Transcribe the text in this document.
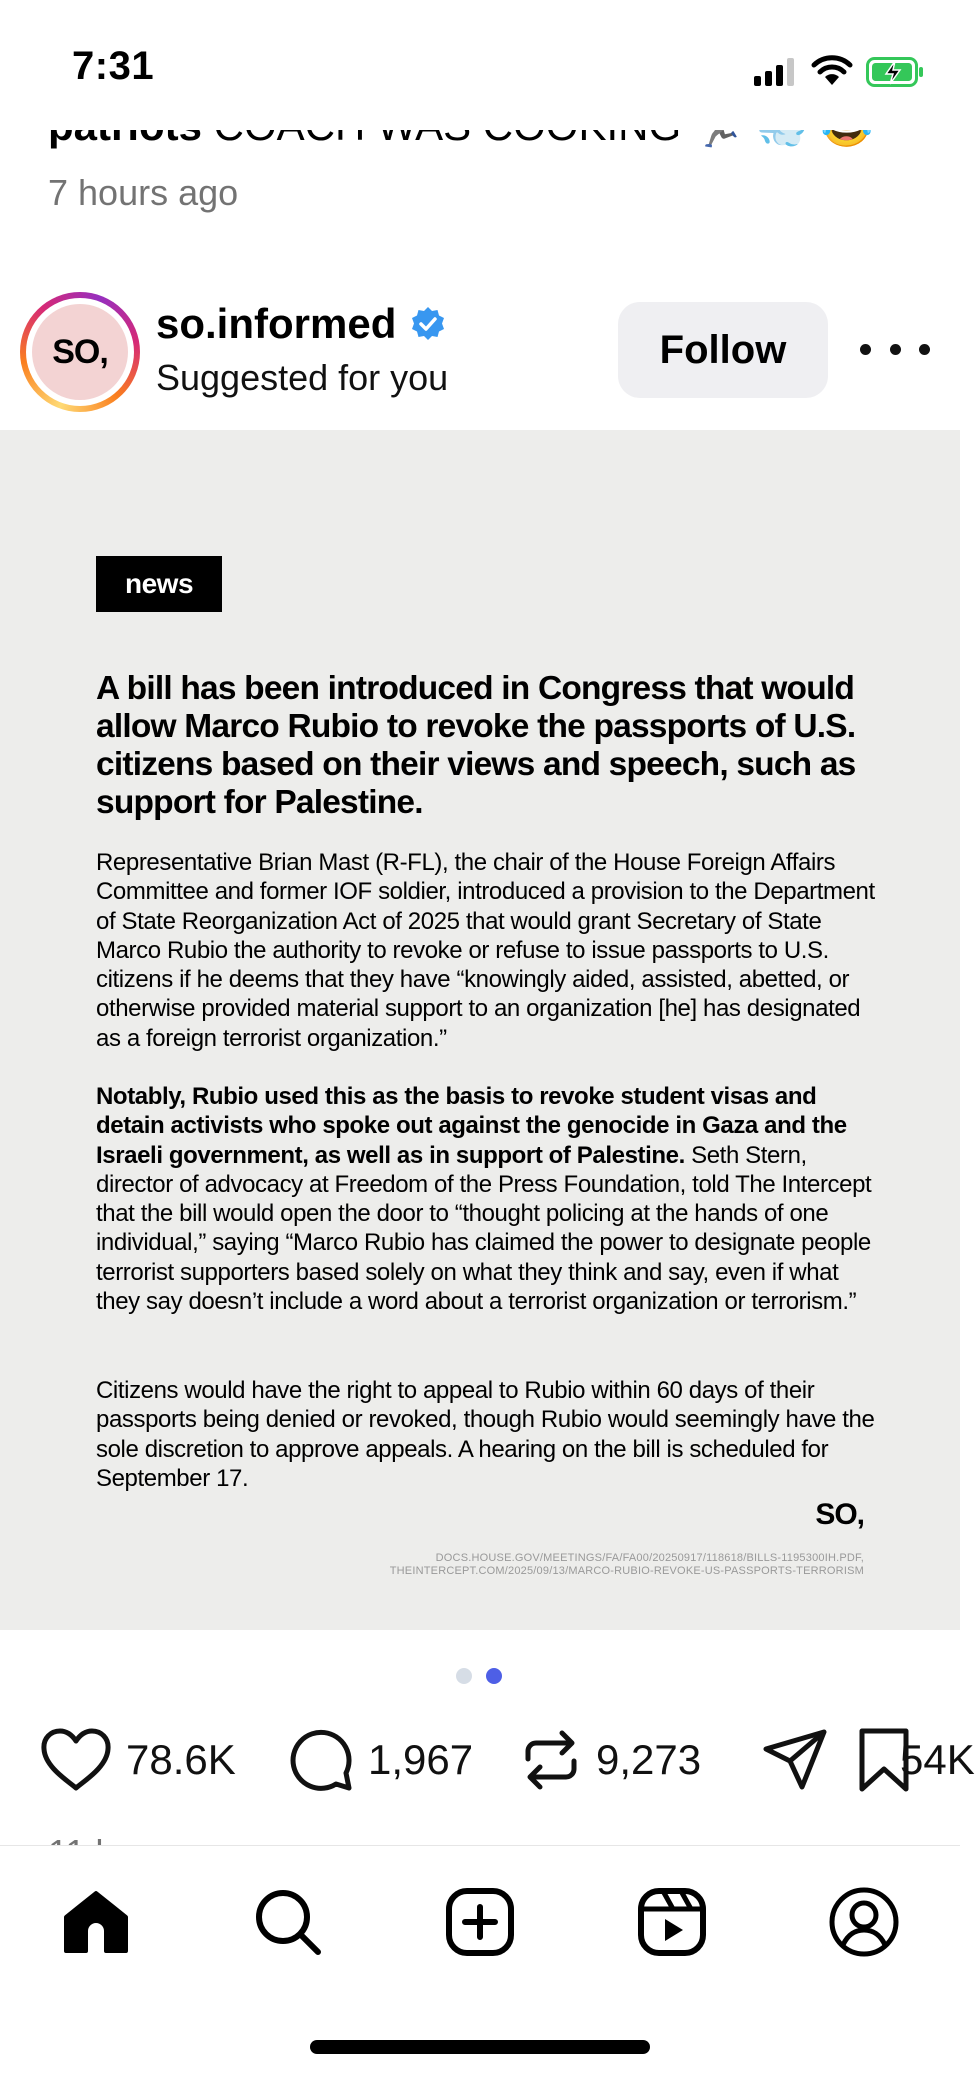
7 hours ago
7:31
SO,
so.informed
Suggested for you
Follow
news
A bill has been introduced in Congress that would allow Marco Rubio to revoke the passports of U.S. citizens based on their views and speech, such as support for Palestine.
Representative Brian Mast (R-FL), the chair of the House Foreign Affairs Committee and former IOF soldier, introduced a provision to the Department of State Reorganization Act of 2025 that would grant Secretary of State Marco Rubio the authority to revoke or refuse to issue passports to U.S. citizens if he deems that they have “knowingly aided, assisted, abetted, or otherwise provided material support to an organization [he] has designated as a foreign terrorist organization.”
Notably, Rubio used this as the basis to revoke student visas and detain activists who spoke out against the genocide in Gaza and the Israeli government, as well as in support of Palestine. Seth Stern, director of advocacy at Freedom of the Press Foundation, told The Intercept that the bill would open the door to “thought policing at the hands of one individual,” saying “Marco Rubio has claimed the power to designate people terrorist supporters based solely on what they think and say, even if what they say doesn’t include a word about a terrorist organization or terrorism.”
Citizens would have the right to appeal to Rubio within 60 days of their passports being denied or revoked, though Rubio would seemingly have the sole discretion to approve appeals. A hearing on the bill is scheduled for September 17.
SO,
DOCS.HOUSE.GOV/MEETINGS/FA/FA00/20250917/118618/BILLS-1195300IH.PDF,
THEINTERCEPT.COM/2025/09/13/MARCO-RUBIO-REVOKE-US-PASSPORTS-TERRORISM
78.6K	1,967	9,273	54K
